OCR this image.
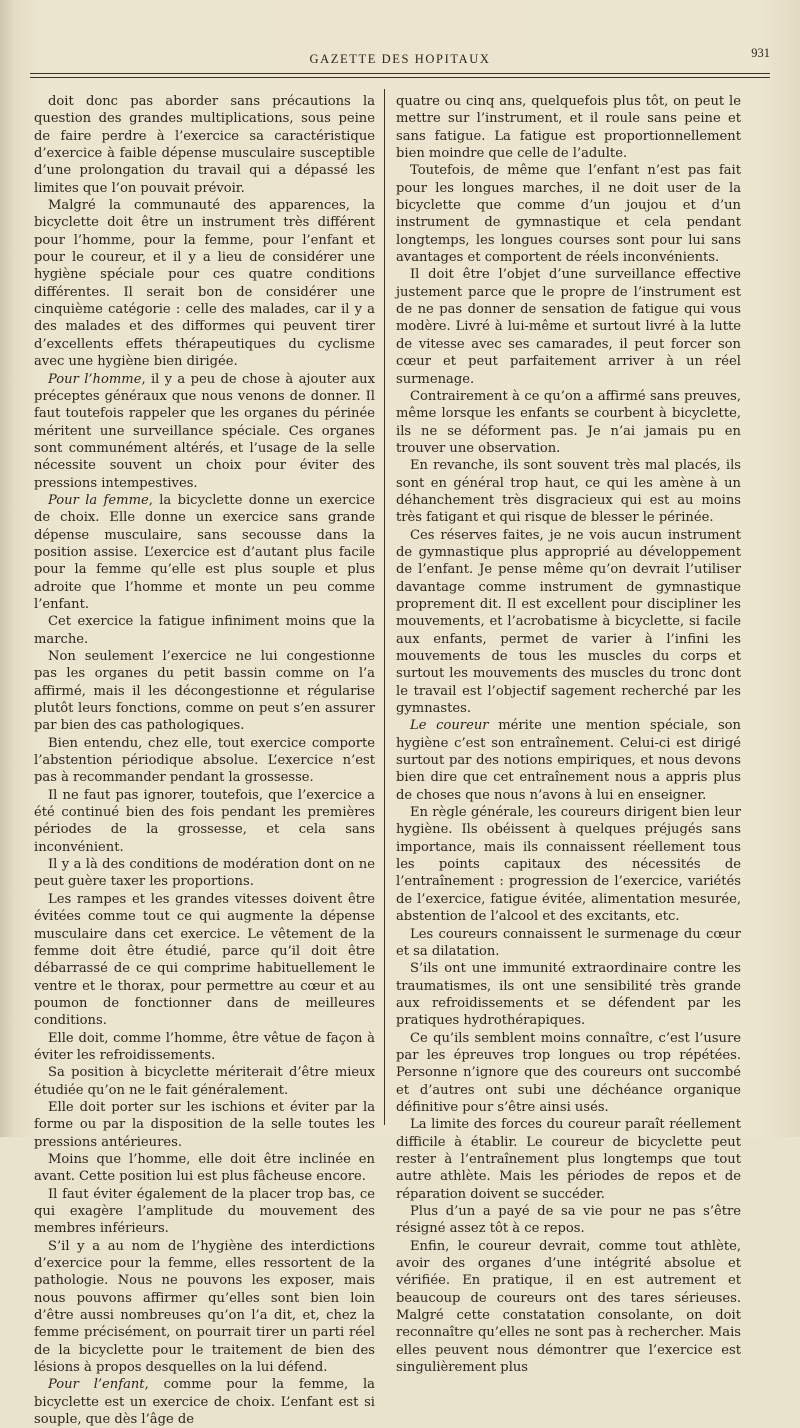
GAZETTE DES HOPITAUX	931

doit donc pas aborder sans précautions la question des grandes multiplications, sous peine de faire perdre à l’exercice sa caractéristique d’exercice à faible dépense musculaire susceptible d’une prolongation du travail qui a dépassé les limites que l’on pouvait prévoir.

Malgré la communauté des apparences, la bicyclette doit être un instrument très différent pour l’homme, pour la femme, pour l’enfant et pour le coureur, et il y a lieu de considérer une hygiène spéciale pour ces quatre conditions différentes. Il serait bon de considérer une cinquième catégorie : celle des malades, car il y a des malades et des difformes qui peuvent tirer d’excellents effets thérapeutiques du cyclisme avec une hygiène bien dirigée.

Pour l’homme, il y a peu de chose à ajouter aux préceptes généraux que nous venons de donner. Il faut toutefois rappeler que les organes du périnée méritent une surveillance spéciale. Ces organes sont communément altérés, et l’usage de la selle nécessite souvent un choix pour éviter des pressions intempestives.

Pour la femme, la bicyclette donne un exercice de choix. Elle donne un exercice sans grande dépense musculaire, sans secousse dans la position assise. L’exercice est d’autant plus facile pour la femme qu’elle est plus souple et plus adroite que l’homme et monte un peu comme l’enfant.

Cet exercice la fatigue infiniment moins que la marche.

Non seulement l’exercice ne lui congestionne pas les organes du petit bassin comme on l’a affirmé, mais il les décongestionne et régularise plutôt leurs fonctions, comme on peut s’en assurer par bien des cas pathologiques.

Bien entendu, chez elle, tout exercice comporte l’abstention périodique absolue. L’exercice n’est pas à recommander pendant la grossesse.

Il ne faut pas ignorer, toutefois, que l’exercice a été continué bien des fois pendant les premières périodes de la grossesse, et cela sans inconvénient.

Il y a là des conditions de modération dont on ne peut guère taxer les proportions.

Les rampes et les grandes vitesses doivent être évitées comme tout ce qui augmente la dépense musculaire dans cet exercice. Le vêtement de la femme doit être étudié, parce qu’il doit être débarrassé de ce qui comprime habituellement le ventre et le thorax, pour permettre au cœur et au poumon de fonctionner dans de meilleures conditions.

Elle doit, comme l’homme, être vêtue de façon à éviter les refroidissements.

Sa position à bicyclette mériterait d’être mieux étudiée qu’on ne le fait généralement.

Elle doit porter sur les ischions et éviter par la forme ou par la disposition de la selle toutes les pressions antérieures.

Moins que l’homme, elle doit être inclinée en avant. Cette position lui est plus fâcheuse encore.

Il faut éviter également de la placer trop bas, ce qui exagère l’amplitude du mouvement des membres inférieurs.

S’il y a au nom de l’hygiène des interdictions d’exercice pour la femme, elles ressortent de la pathologie. Nous ne pouvons les exposer, mais nous pouvons affirmer qu’elles sont bien loin d’être aussi nombreuses qu’on l’a dit, et, chez la femme précisément, on pourrait tirer un parti réel de la bicyclette pour le traitement de bien des lésions à propos desquelles on la lui défend.

Pour l’enfant, comme pour la femme, la bicyclette est un exercice de choix. L’enfant est si souple, que dès l’âge de

quatre ou cinq ans, quelquefois plus tôt, on peut le mettre sur l’instrument, et il roule sans peine et sans fatigue. La fatigue est proportionnellement bien moindre que celle de l’adulte.

Toutefois, de même que l’enfant n’est pas fait pour les longues marches, il ne doit user de la bicyclette que comme d’un joujou et d’un instrument de gymnastique et cela pendant longtemps, les longues courses sont pour lui sans avantages et comportent de réels inconvénients.

Il doit être l’objet d’une surveillance effective justement parce que le propre de l’instrument est de ne pas donner de sensation de fatigue qui vous modère. Livré à lui-même et surtout livré à la lutte de vitesse avec ses camarades, il peut forcer son cœur et peut parfaitement arriver à un réel surmenage.

Contrairement à ce qu’on a affirmé sans preuves, même lorsque les enfants se courbent à bicyclette, ils ne se déforment pas. Je n’ai jamais pu en trouver une observation.

En revanche, ils sont souvent très mal placés, ils sont en général trop haut, ce qui les amène à un déhanchement très disgracieux qui est au moins très fatigant et qui risque de blesser le périnée.

Ces réserves faites, je ne vois aucun instrument de gymnastique plus approprié au développement de l’enfant. Je pense même qu’on devrait l’utiliser davantage comme instrument de gymnastique proprement dit. Il est excellent pour discipliner les mouvements, et l’acrobatisme à bicyclette, si facile aux enfants, permet de varier à l’infini les mouvements de tous les muscles du corps et surtout les mouvements des muscles du tronc dont le travail est l’objectif sagement recherché par les gymnastes.

Le coureur mérite une mention spéciale, son hygiène c’est son entraînement. Celui-ci est dirigé surtout par des notions empiriques, et nous devons bien dire que cet entraînement nous a appris plus de choses que nous n’avons à lui en enseigner.

En règle générale, les coureurs dirigent bien leur hygiène. Ils obéissent à quelques préjugés sans importance, mais ils connaissent réellement tous les points capitaux des nécessités de l’entraînement : progression de l’exercice, variétés de l’exercice, fatigue évitée, alimentation mesurée, abstention de l’alcool et des excitants, etc.

Les coureurs connaissent le surmenage du cœur et sa dilatation.

S’ils ont une immunité extraordinaire contre les traumatismes, ils ont une sensibilité très grande aux refroidissements et se défendent par les pratiques hydrothérapiques.

Ce qu’ils semblent moins connaître, c’est l’usure par les épreuves trop longues ou trop répétées. Personne n’ignore que des coureurs ont succombé et d’autres ont subi une déchéance organique définitive pour s’être ainsi usés.

La limite des forces du coureur paraît réellement difficile à établir. Le coureur de bicyclette peut rester à l’entraînement plus longtemps que tout autre athlète. Mais les périodes de repos et de réparation doivent se succéder.

Plus d’un a payé de sa vie pour ne pas s’être résigné assez tôt à ce repos.

Enfin, le coureur devrait, comme tout athlète, avoir des organes d’une intégrité absolue et vérifiée. En pratique, il en est autrement et beaucoup de coureurs ont des tares sérieuses. Malgré cette constatation consolante, on doit reconnaître qu’elles ne sont pas à rechercher. Mais elles peuvent nous démontrer que l’exercice est singulièrement plus
